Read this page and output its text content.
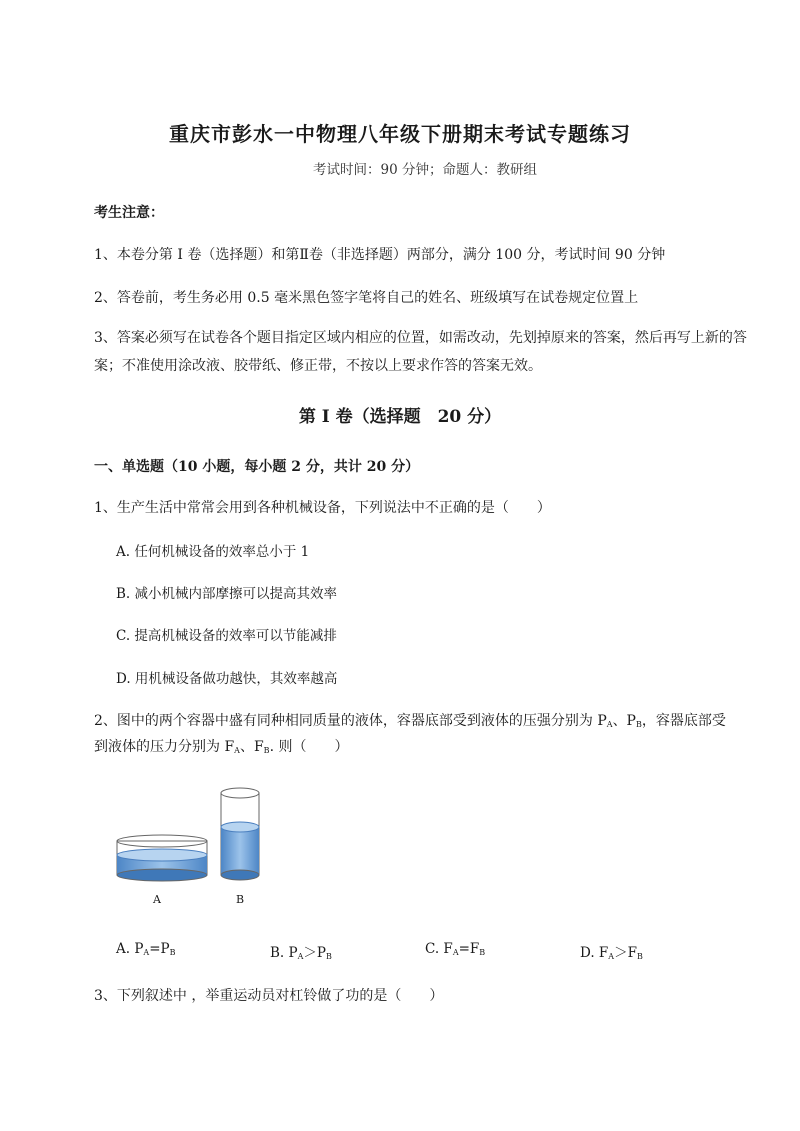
重庆市彭水一中物理八年级下册期末考试专题练习
考试时间：90 分钟；命题人：教研组
考生注意：
1、本卷分第 I 卷（选择题）和第Ⅱ卷（非选择题）两部分，满分 100 分，考试时间 90 分钟
2、答卷前，考生务必用 0.5 毫米黑色签字笔将自己的姓名、班级填写在试卷规定位置上
3、答案必须写在试卷各个题目指定区域内相应的位置，如需改动，先划掉原来的答案，然后再写上新的答案；不准使用涂改液、胶带纸、修正带，不按以上要求作答的答案无效。
第 I 卷（选择题　20 分）
一、单选题（10 小题，每小题 2 分，共计 20 分）
1、生产生活中常常会用到各种机械设备，下列说法中不正确的是（　　）
A. 任何机械设备的效率总小于 1
B. 减小机械内部摩擦可以提高其效率
C. 提高机械设备的效率可以节能减排
D. 用机械设备做功越快，其效率越高
2、图中的两个容器中盛有同种相同质量的液体，容器底部受到液体的压强分别为 $P_A$、$P_B$，容器底部受
到液体的压力分别为 $F_A$、$F_B$. 则（　　）
A	B
A. $P_A=P_B$	B. $P_A>P_B$	C. $F_A=F_B$	D. $F_A>F_B$
3、下列叙述中 ，举重运动员对杠铃做了功的是（　　）
